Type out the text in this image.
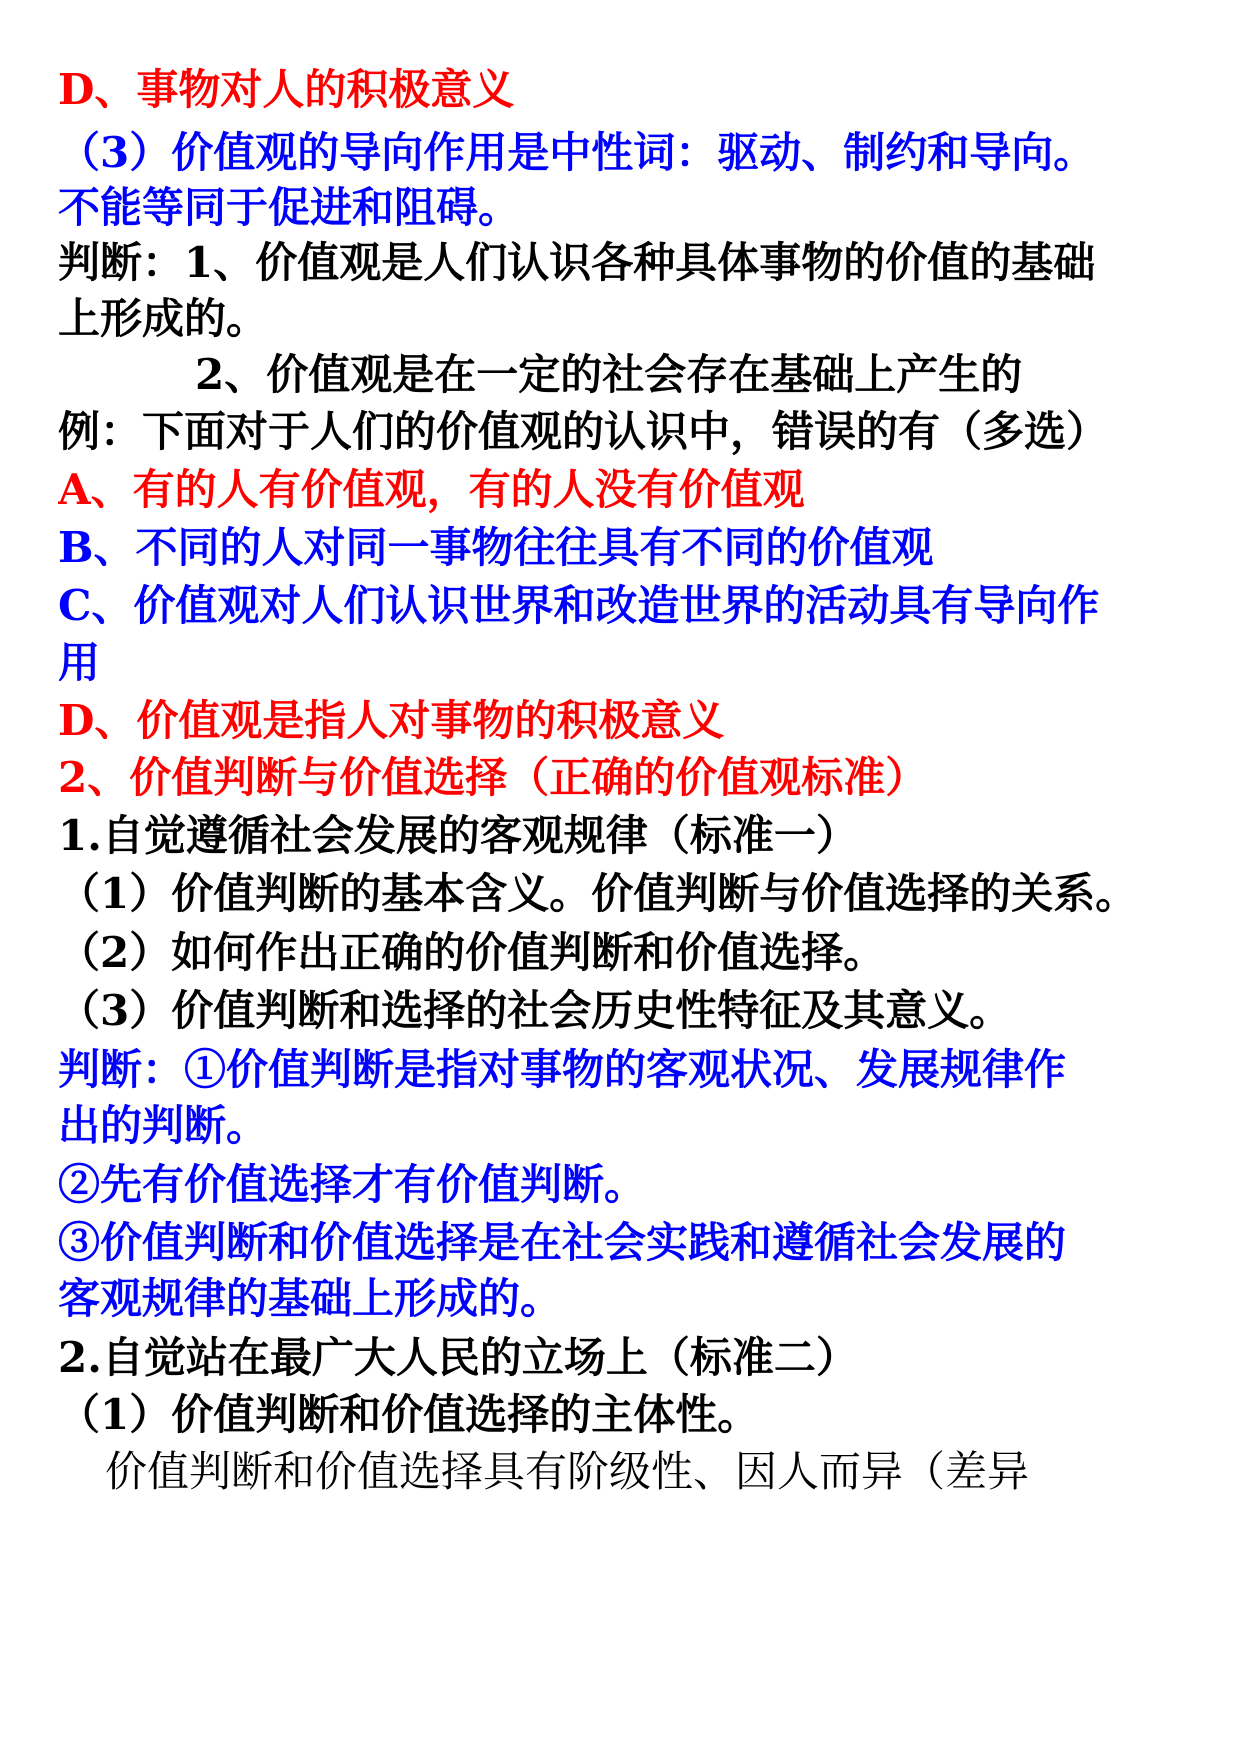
D、事物对人的积极意义
（3）价值观的导向作用是中性词：驱动、制约和导向。
不能等同于促进和阻碍。
判断：1、价值观是人们认识各种具体事物的价值的基础
上形成的。
2、价值观是在一定的社会存在基础上产生的
例：下面对于人们的价值观的认识中，错误的有（多选）
A、有的人有价值观，有的人没有价值观
B、不同的人对同一事物往往具有不同的价值观
C、价值观对人们认识世界和改造世界的活动具有导向作
用
D、价值观是指人对事物的积极意义
2、价值判断与价值选择（正确的价值观标准）
1.自觉遵循社会发展的客观规律（标准一）
（1）价值判断的基本含义。价值判断与价值选择的关系。
（2）如何作出正确的价值判断和价值选择。
（3）价值判断和选择的社会历史性特征及其意义。
判断：①价值判断是指对事物的客观状况、发展规律作
出的判断。
②先有价值选择才有价值判断。
③价值判断和价值选择是在社会实践和遵循社会发展的
客观规律的基础上形成的。
2.自觉站在最广大人民的立场上（标准二）
（1）价值判断和价值选择的主体性。
价值判断和价值选择具有阶级性、因人而异（差异
